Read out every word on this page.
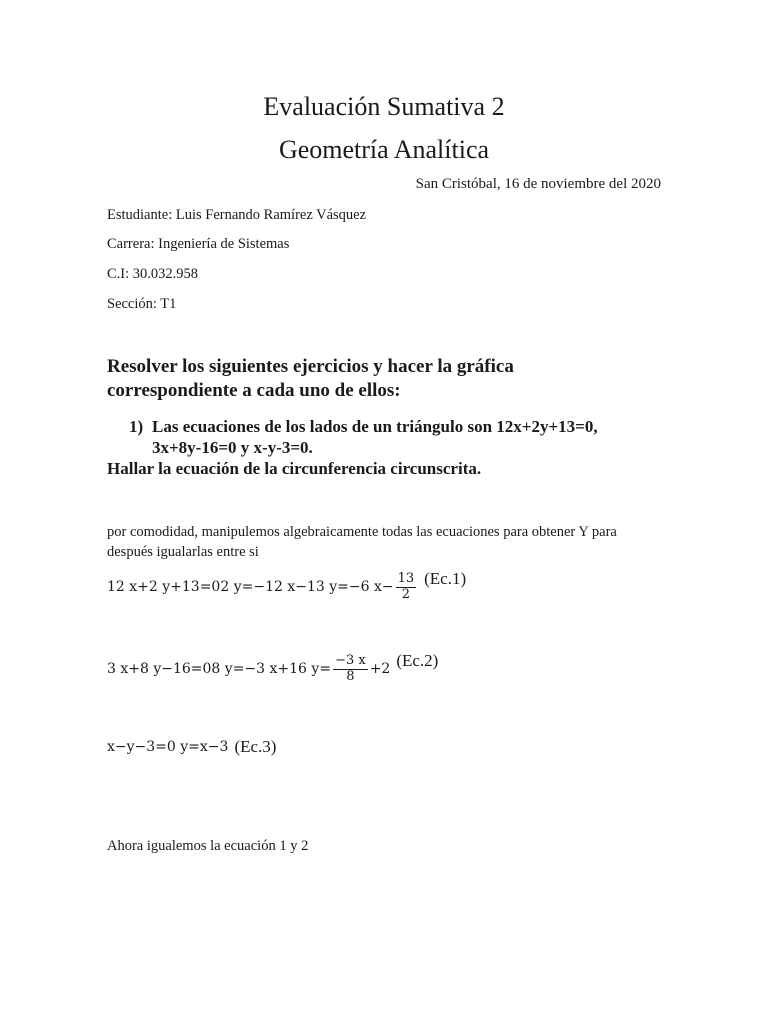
Evaluación Sumativa 2
Geometría Analítica
San Cristóbal, 16 de noviembre del 2020
Estudiante: Luis Fernando Ramírez Vásquez
Carrera: Ingeniería de Sistemas
C.I: 30.032.958
Sección: T1
Resolver los siguientes ejercicios y hacer la gráfica
correspondiente a cada uno de ellos:
1) Las ecuaciones de los lados de un triángulo son 12x+2y+13=0,
3x+8y-16=0 y x-y-3=0.
Hallar la ecuación de la circunferencia circunscrita.
por comodidad, manipulemos algebraicamente todas las ecuaciones para obtener Y para
después igualarlas entre si
12 x+2 y+13=02 y=−12 x−13 y=−6 $x- \frac{13}{2} (Ec.1)$
3 x+8 y−16=08 y=−3 x+16 $y= \frac{-3 x}{8} +2$ (Ec.2)
x−y−3=0 y=x−3 (Ec.3)
Ahora igualemos la ecuación 1 y 2
